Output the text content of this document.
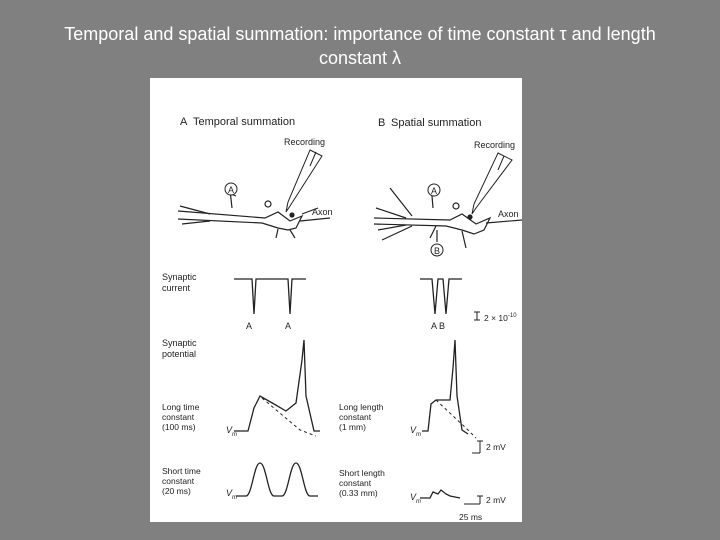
Temporal and spatial summation: importance of time constant τ and length
constant λ
A Temporal summation
Recording
Axon
A
Synaptic
current
A	A
Synaptic
potential
Long time
constant
(100 ms)	$V_m$
Short time
constant
(20 ms)	$V_m$
B Spatial summation
Recording
Axon
A
B
A B
Long length
constant
(1 mm)	$V_m$
Short length
constant
(0.33 mm)	$V_m$
$2 \times 10^{-10}$
2 mV
2 mV
25 ms
